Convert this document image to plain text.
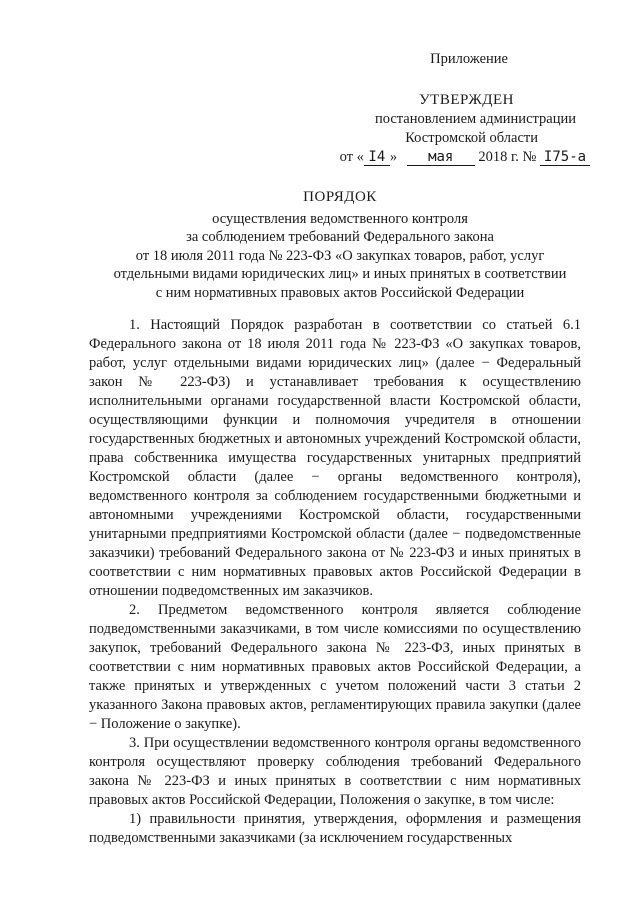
Приложение
УТВЕРЖДЕН
постановлением администрации
Костромской области
от « I4 » мая 2018 г. № I75-а
ПОРЯДОК
осуществления ведомственного контроля
за соблюдением требований Федерального закона
от 18 июля 2011 года № 223-ФЗ «О закупках товаров, работ, услуг
отдельными видами юридических лиц» и иных принятых в соответствии
с ним нормативных правовых актов Российской Федерации

1. Настоящий Порядок разработан в соответствии со статьей 6.1 Федерального закона от 18 июля 2011 года № 223-ФЗ «О закупках товаров, работ, услуг отдельными видами юридических лиц» (далее − Федеральный закон № 223-ФЗ) и устанавливает требования к осуществлению исполнительными органами государственной власти Костромской области, осуществляющими функции и полномочия учредителя в отношении государственных бюджетных и автономных учреждений Костромской области, права собственника имущества государственных унитарных предприятий Костромской области (далее − органы ведомственного контроля), ведомственного контроля за соблюдением государственными бюджетными и автономными учреждениями Костромской области, государственными унитарными предприятиями Костромской области (далее − подведомственные заказчики) требований Федерального закона от № 223-ФЗ и иных принятых в соответствии с ним нормативных правовых актов Российской Федерации в отношении подведомственных им заказчиков.

2. Предметом ведомственного контроля является соблюдение подведомственными заказчиками, в том числе комиссиями по осуществлению закупок, требований Федерального закона № 223-ФЗ, иных принятых в соответствии с ним нормативных правовых актов Российской Федерации, а также принятых и утвержденных с учетом положений части 3 статьи 2 указанного Закона правовых актов, регламентирующих правила закупки (далее − Положение о закупке).

3. При осуществлении ведомственного контроля органы ведомственного контроля осуществляют проверку соблюдения требований Федерального закона № 223-ФЗ и иных принятых в соответствии с ним нормативных правовых актов Российской Федерации, Положения о закупке, в том числе:

1) правильности принятия, утверждения, оформления и размещения подведомственными заказчиками (за исключением государственных
